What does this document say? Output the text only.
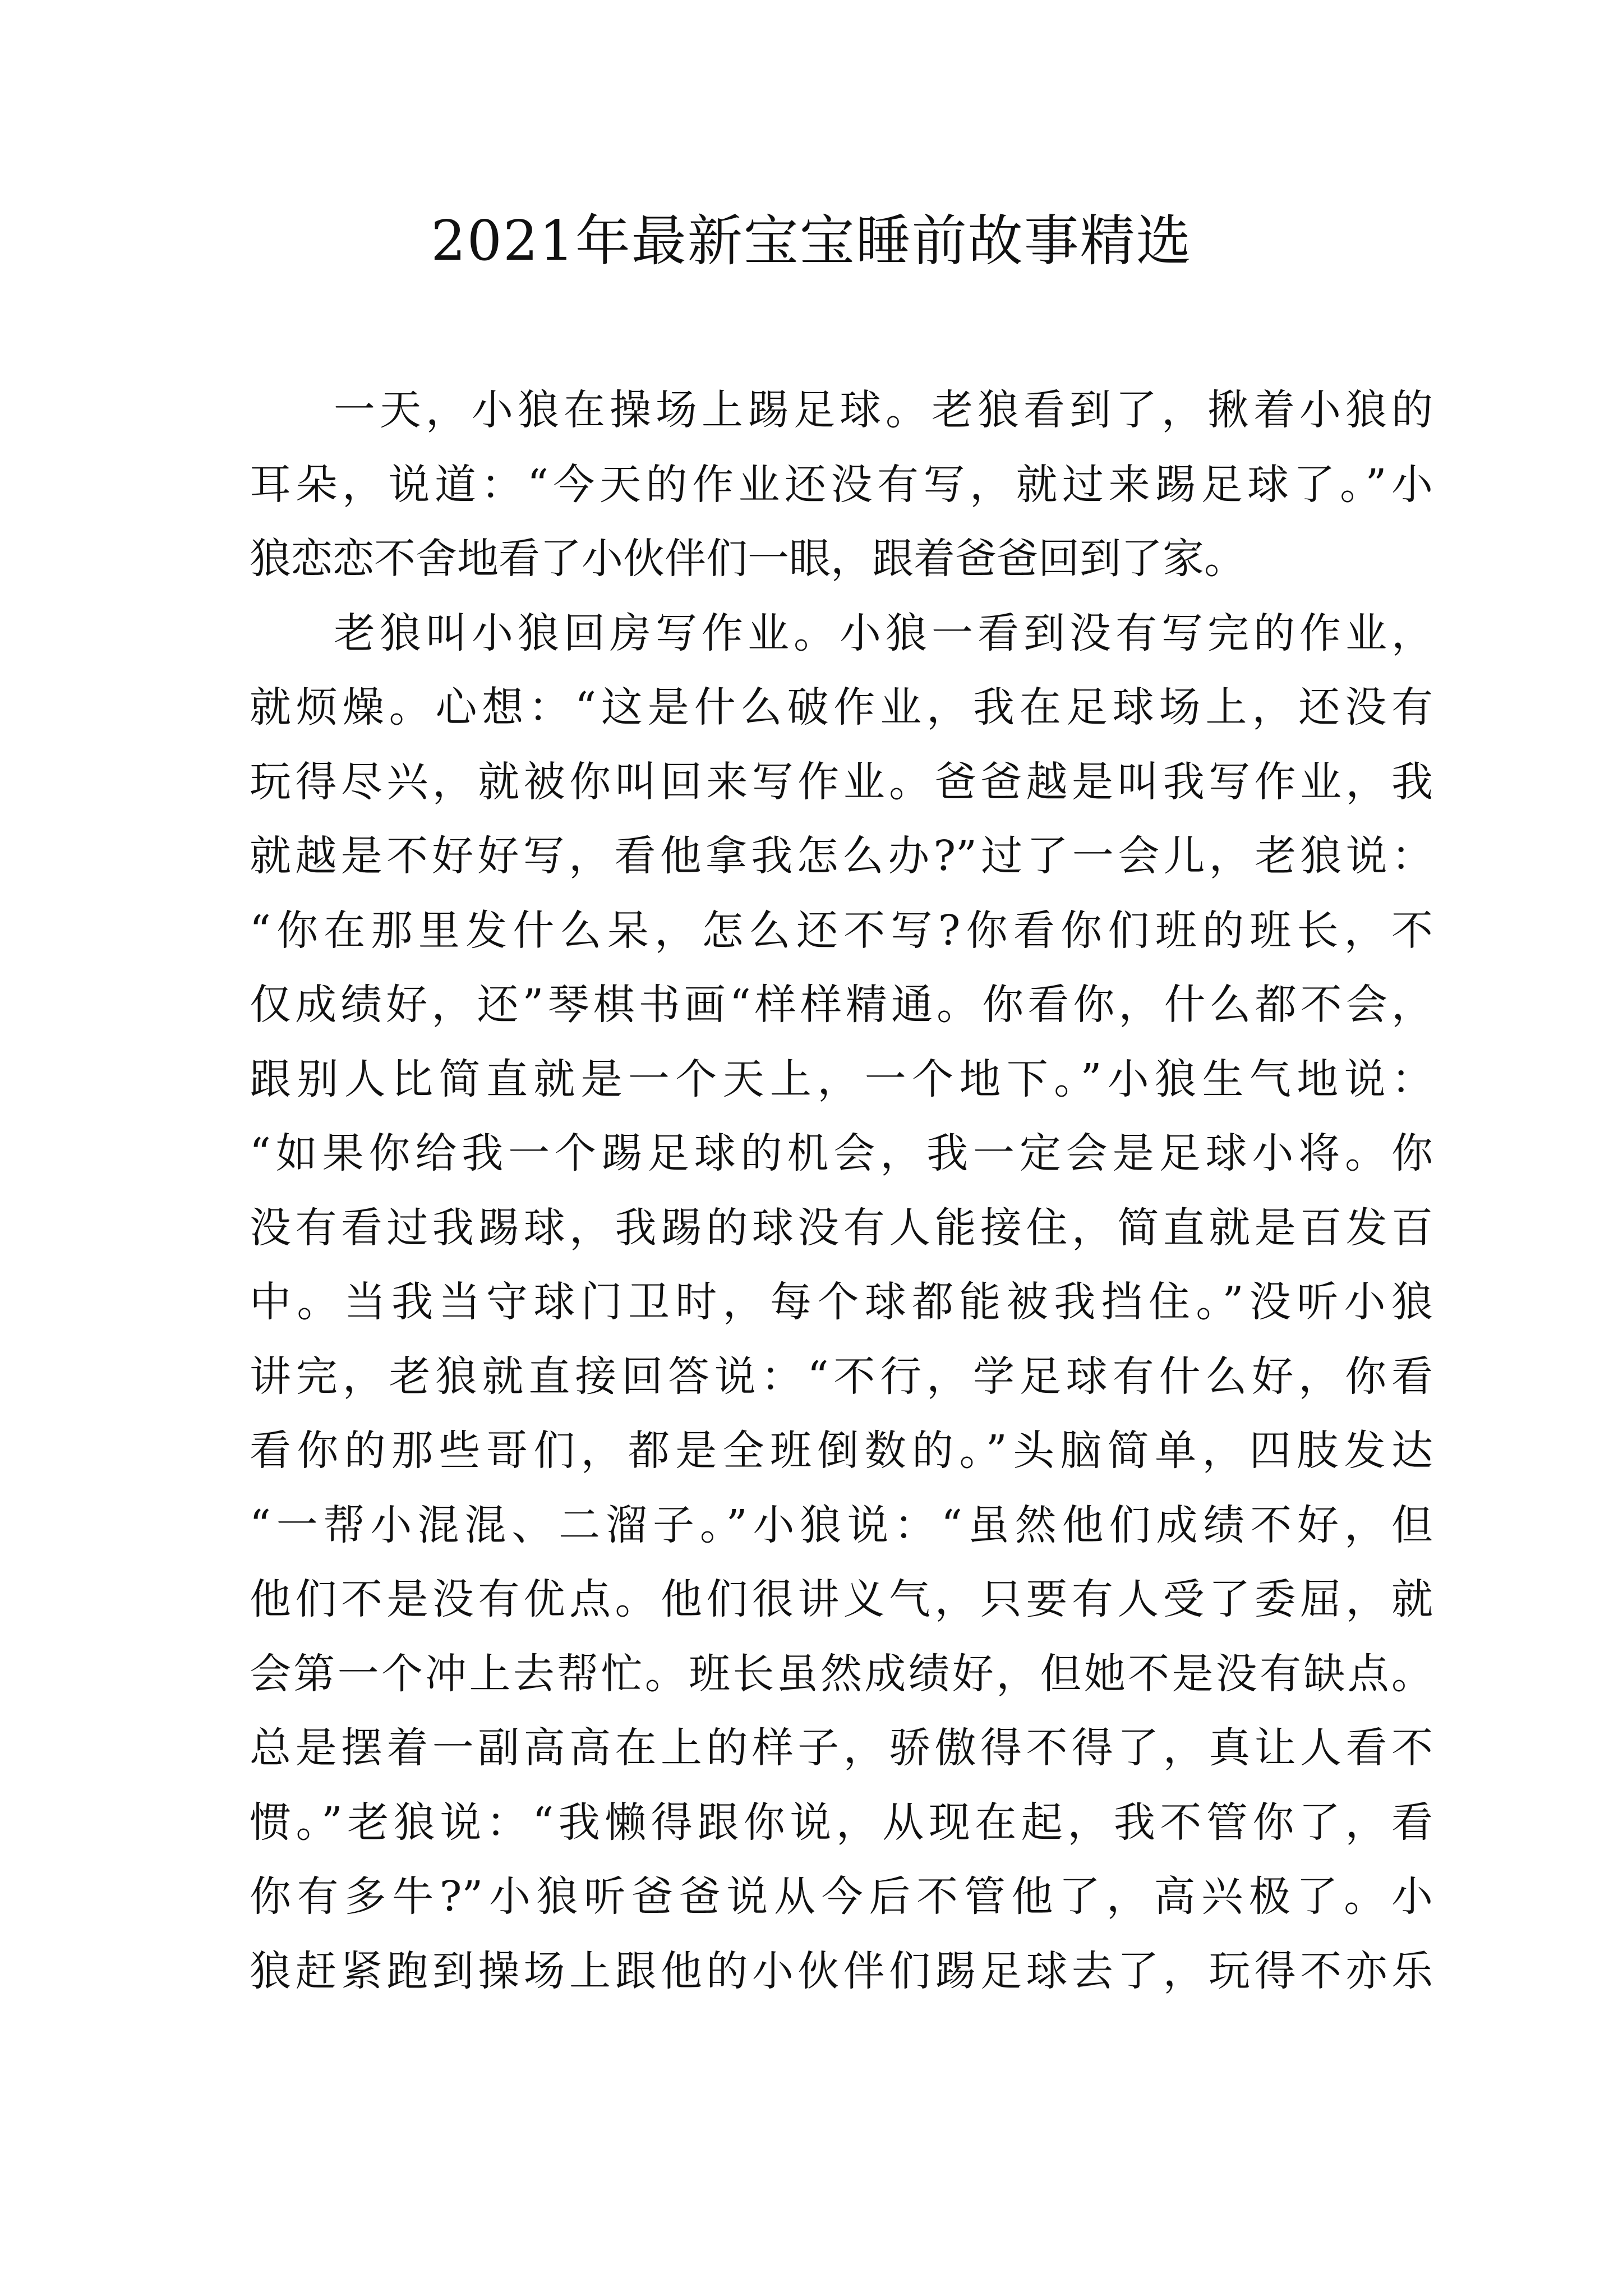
2021年最新宝宝睡前故事精选
一天，小狼在操场上踢足球。老狼看到了，揪着小狼的
耳朵，说道：“今天的作业还没有写，就过来踢足球了。”小
狼恋恋不舍地看了小伙伴们一眼，跟着爸爸回到了家。
老狼叫小狼回房写作业。小狼一看到没有写完的作业，
就烦燥。心想：“这是什么破作业，我在足球场上，还没有
玩得尽兴，就被你叫回来写作业。爸爸越是叫我写作业，我
就越是不好好写，看他拿我怎么办?”过了一会儿，老狼说：
“你在那里发什么呆，怎么还不写?你看你们班的班长，不
仅成绩好，还”琴棋书画“样样精通。你看你，什么都不会，
跟别人比简直就是一个天上，一个地下。”小狼生气地说：
“如果你给我一个踢足球的机会，我一定会是足球小将。你
没有看过我踢球，我踢的球没有人能接住，简直就是百发百
中。当我当守球门卫时，每个球都能被我挡住。”没听小狼
讲完，老狼就直接回答说：“不行，学足球有什么好，你看
看你的那些哥们，都是全班倒数的。”头脑简单，四肢发达
“一帮小混混、二溜子。”小狼说：“虽然他们成绩不好，但
他们不是没有优点。他们很讲义气，只要有人受了委屈，就
会第一个冲上去帮忙。班长虽然成绩好，但她不是没有缺点。
总是摆着一副高高在上的样子，骄傲得不得了，真让人看不
惯。”老狼说：“我懒得跟你说，从现在起，我不管你了，看
你有多牛?”小狼听爸爸说从今后不管他了，高兴极了。小
狼赶紧跑到操场上跟他的小伙伴们踢足球去了，玩得不亦乐
